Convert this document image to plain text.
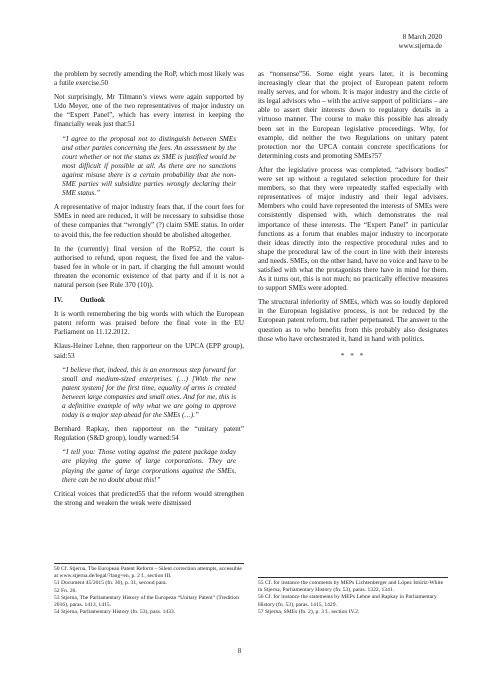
8 March 2020
www.stjerna.de

the problem by secretly amending the RoP, which most likely was a futile exercise.50

Not surprisingly, Mr Tilmann’s views were again supported by Udo Meyer, one of the two representatives of major industry on the “Expert Panel”, which has every interest in keeping the financially weak just that:51

“I agree to the proposal not to distinguish between SMEs and other parties concerning the fees. An assessment by the court whether or not the status as SME is justified would be most difficult if possible at all. As there are no sanctions against misuse there is a certain probability that the non-SME parties will subsidize parties wrongly declaring their SME status.”

A representative of major industry fears that, if the court fees for SMEs in need are reduced, it will be necessary to subsidise those of these companies that “wrongly” (?) claim SME status. In order to avoid this, the fee reduction should be abolished altogether.

In the (currently) final version of the RoP52, the court is authorised to refund, upon request, the fixed fee and the value-based fee in whole or in part, if charging the full amount would threaten the economic existence of that party and if it is not a natural person (see Rule 370 (10)).

IV. Outlook

It is worth remembering the big words with which the European patent reform was praised before the final vote in the EU Parliament on 11.12.2012.

Klaus-Heiner Lehne, then rapporteur on the UPCA (EPP group), said:53

“I believe that, indeed, this is an enormous step forward for small and medium-sized enterprises. (…) [With the new patent system] for the first time, equality of arms is created between large companies and small ones. And for me, this is a definitive example of why what we are going to approve today is a major step ahead for the SMEs (…).”

Bernhard Rapkay, then rapporteur on the “unitary patent” Regulation (S&D group), loudly warned:54

“I tell you: Those voting against the patent package today are playing the game of large corporations. They are playing the game of large corporations against the SMEs, there can be no doubt about this!”

Critical voices that predicted55 that the reform would strengthen the strong and weaken the weak were dismissed

as “nonsense”56. Some eight years later, it is becoming increasingly clear that the project of European patent reform really serves, and for whom. It is major industry and the circle of its legal advisors who – with the active support of politicians – are able to assert their interests down to regulatory details in a virtuoso manner. The course to make this possible has already been set in the European legislative proceedings. Why, for example, did neither the two Regulations on unitary patent protection nor the UPCA contain concrete specifications for determining costs and promoting SMEs?57

After the legislative process was completed, “advisory bodies” were set up without a regulated selection procedure for their members, so that they were repeatedly staffed especially with representatives of major industry and their legal advisers. Members who could have represented the interests of SMEs were consistently dispensed with, which demonstrates the real importance of these interests. The “Expert Panel” in particular functions as a forum that enables major industry to incorporate their ideas directly into the respective procedural rules and to shape the procedural law of the court in line with their interests and needs. SMEs, on the other hand, have no voice and have to be satisfied with what the protagonists there have in mind for them. As it turns out, this is not much; no practically effective measures to support SMEs were adopted.

The structural inferiority of SMEs, which was so loudly deplored in the European legislative process, is not be reduced by the European patent reform, but rather perpetuated. The answer to the question as to who benefits from this probably also designates those who have orchestrated it, hand in hand with politics.

* * *

50 Cf. Stjerna, The European Patent Reform – Silent correction attempts, accessible at www.stjerna.de/legal/?lang=en, p. 2 f., section III.

51 Document 45/2015 (fn. 36), p. 31, second para.

52 Fn. 26.

53 Stjerna, The Parliamentary History of the European “Unitary Patent” (Tredition 2016), paras. 1413, 1415.

54 Stjerna, Parliamentary History (fn. 53), para. 1433.

55 Cf. for instance the comments by MEPs Lichtenberger and López Istúriz-White in Stjerna, Parliamentary History (fn. 53), paras. 1322, 1341.

56 Cf. for instance the statements by MEPs Lehne and Rapkay in Parliamentary History (fn. 53), paras. 1415, 1429.

57 Stjerna, SMEs (fn. 2), p. 3 f., section IV.2.

8
